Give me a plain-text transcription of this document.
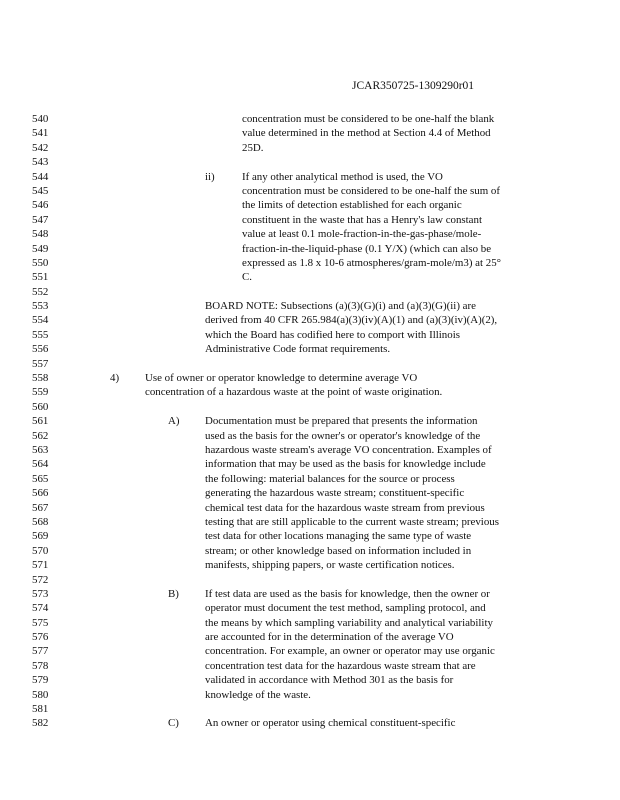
JCAR350725-1309290r01
540	concentration must be considered to be one-half the blank
541	value determined in the method at Section 4.4 of Method
542	25D.
543
544	ii)	If any other analytical method is used, the VO
545	concentration must be considered to be one-half the sum of
546	the limits of detection established for each organic
547	constituent in the waste that has a Henry's law constant
548	value at least 0.1 mole-fraction-in-the-gas-phase/mole-
549	fraction-in-the-liquid-phase (0.1 Y/X) (which can also be
550	expressed as 1.8 x 10-6 atmospheres/gram-mole/m3) at 25°
551	C.
552
553	BOARD NOTE: Subsections (a)(3)(G)(i) and (a)(3)(G)(ii) are
554	derived from 40 CFR 265.984(a)(3)(iv)(A)(1) and (a)(3)(iv)(A)(2),
555	which the Board has codified here to comport with Illinois
556	Administrative Code format requirements.
557
558	4) Use of owner or operator knowledge to determine average VO
559	concentration of a hazardous waste at the point of waste origination.
560
561	A) Documentation must be prepared that presents the information
562	used as the basis for the owner's or operator's knowledge of the
563	hazardous waste stream's average VO concentration. Examples of
564	information that may be used as the basis for knowledge include
565	the following: material balances for the source or process
566	generating the hazardous waste stream; constituent-specific
567	chemical test data for the hazardous waste stream from previous
568	testing that are still applicable to the current waste stream; previous
569	test data for other locations managing the same type of waste
570	stream; or other knowledge based on information included in
571	manifests, shipping papers, or waste certification notices.
572
573	B) If test data are used as the basis for knowledge, then the owner or
574	operator must document the test method, sampling protocol, and
575	the means by which sampling variability and analytical variability
576	are accounted for in the determination of the average VO
577	concentration. For example, an owner or operator may use organic
578	concentration test data for the hazardous waste stream that are
579	validated in accordance with Method 301 as the basis for
580	knowledge of the waste.
581
582	C) An owner or operator using chemical constituent-specific
